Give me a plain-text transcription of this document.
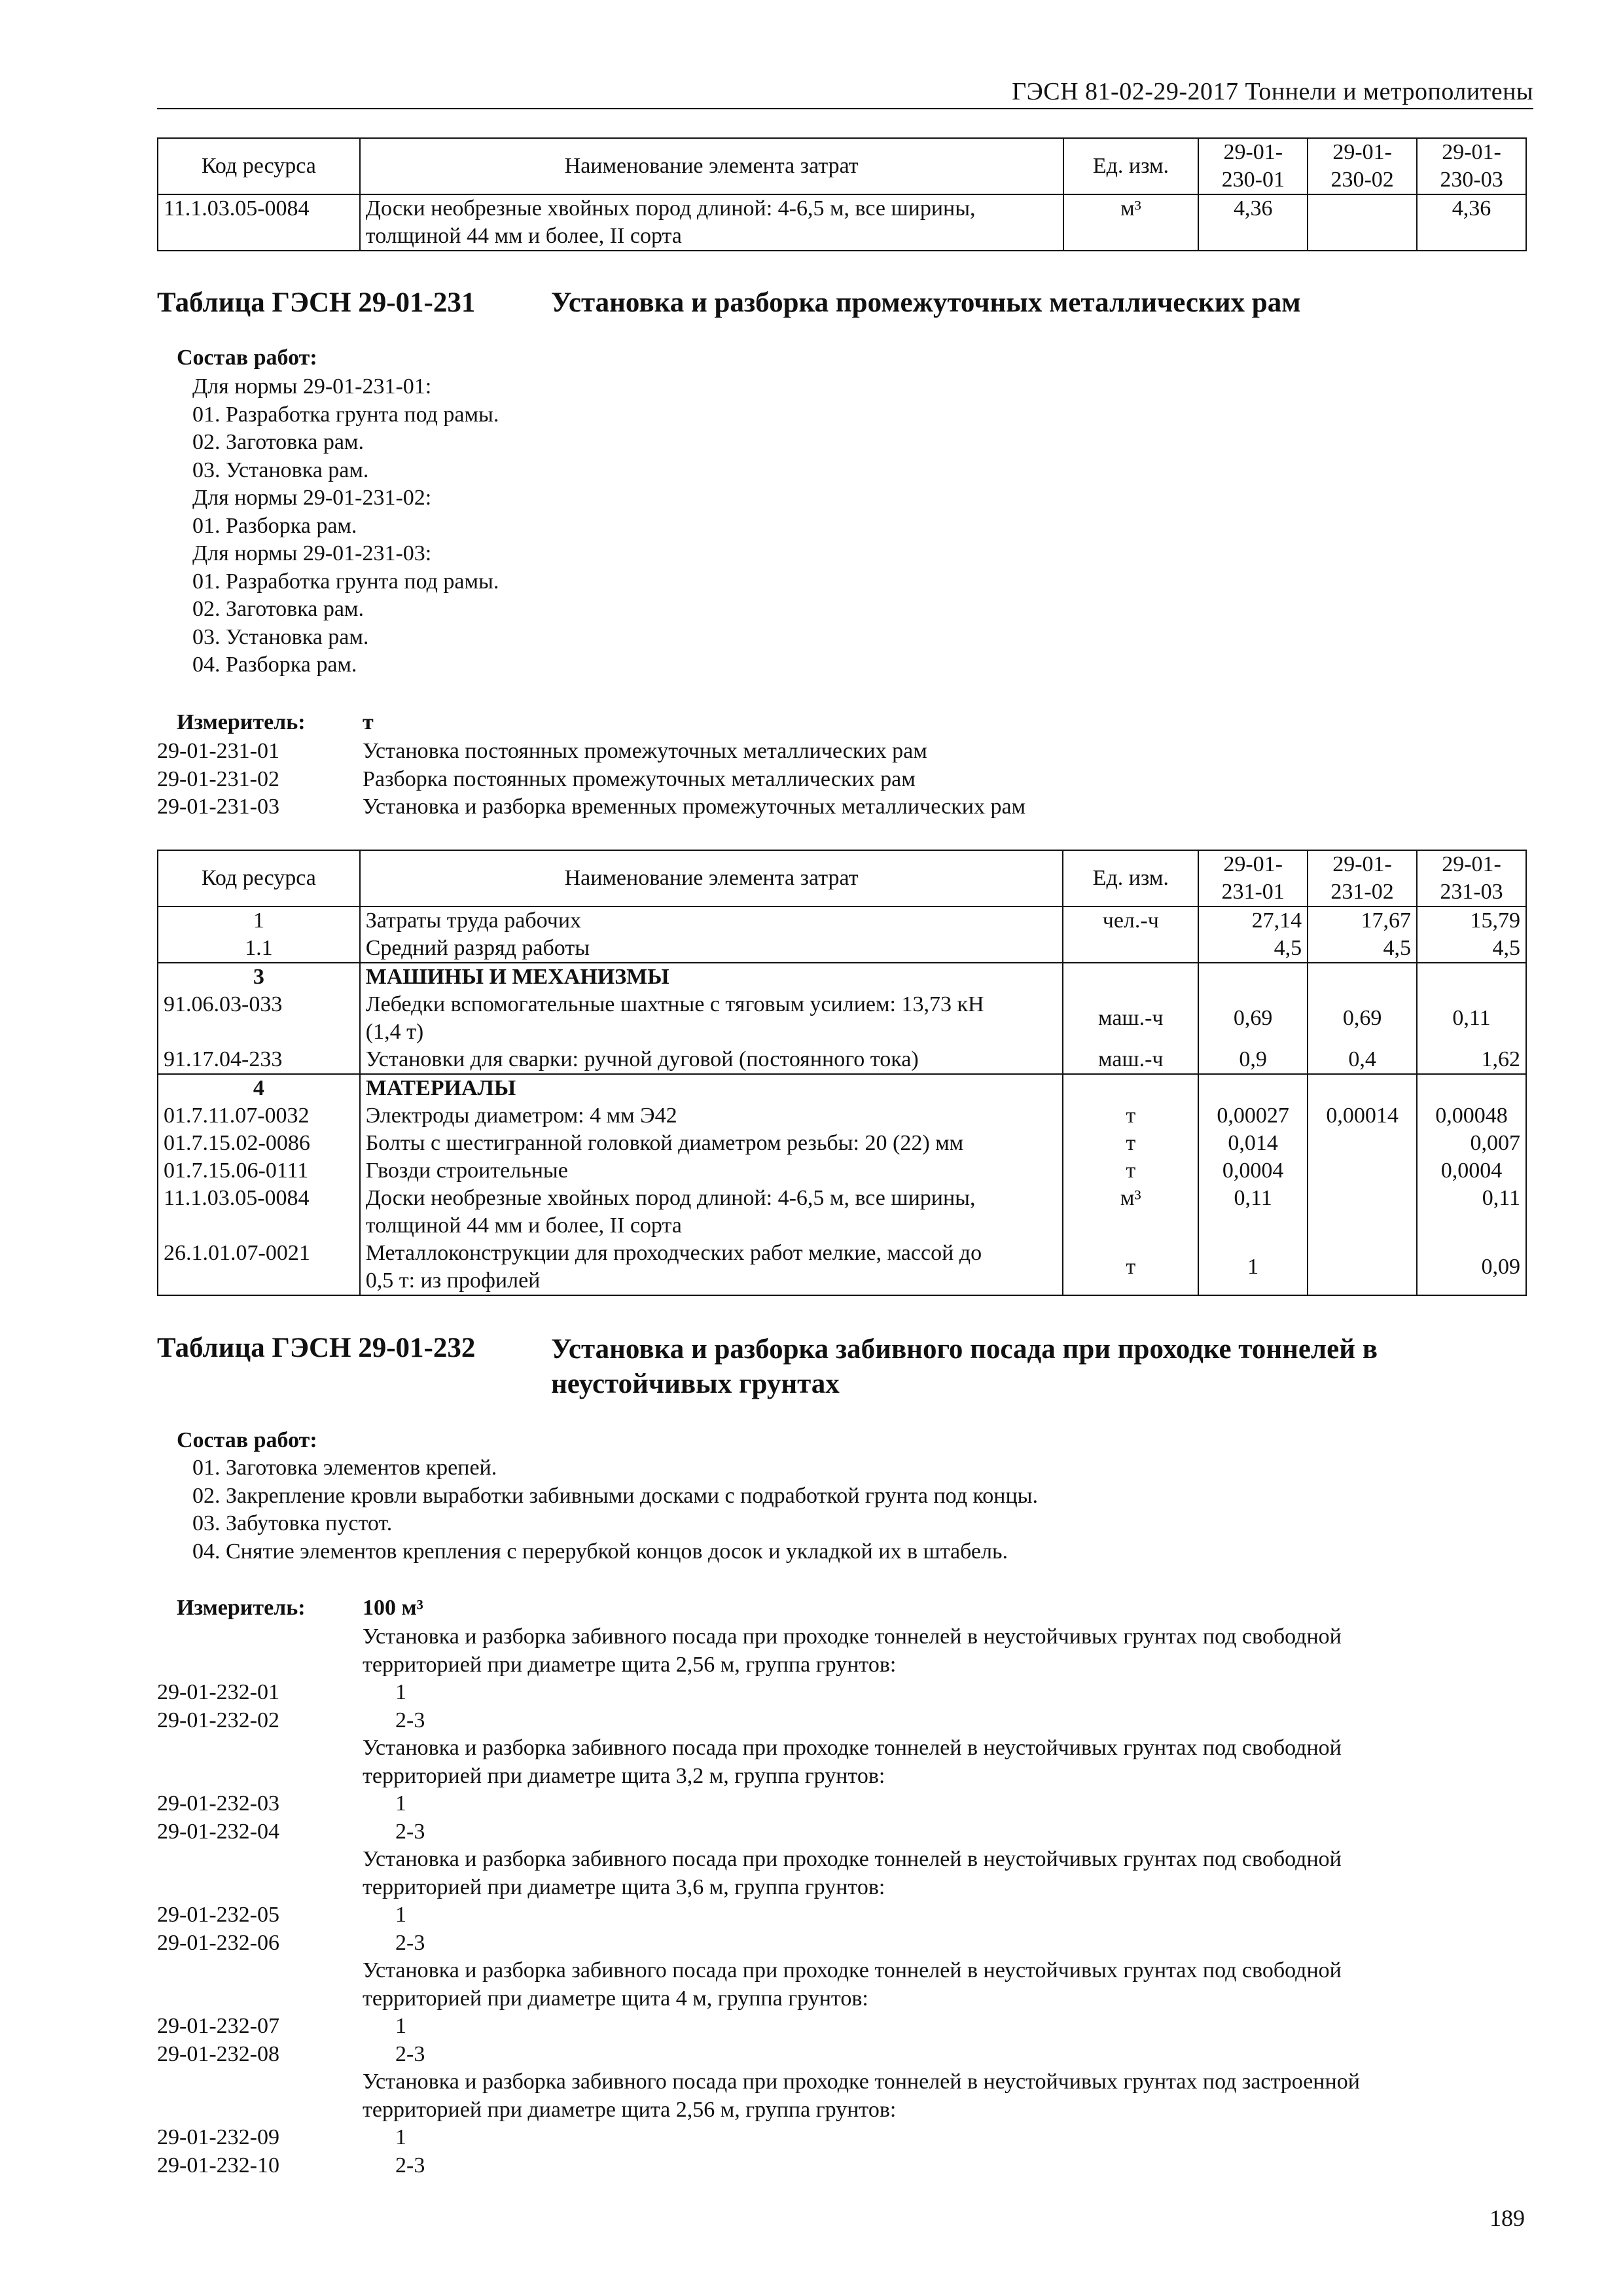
ГЭСН 81-02-29-2017 Тоннели и метрополитены
Код ресурса	Наименование элемента затрат	Ед. изм.	29-01-
230-01	29-01-
230-02	29-01-
230-03
11.1.03.05-0084	Доски необрезные хвойных пород длиной: 4-6,5 м, все ширины,
толщиной 44 мм и более, II сорта	м³	4,36		4,36
Таблица ГЭСН 29-01-231	Установка и разборка промежуточных металлических рам
Состав работ:
Для нормы 29-01-231-01:
01. Разработка грунта под рамы.
02. Заготовка рам.
03. Установка рам.
Для нормы 29-01-231-02:
01. Разборка рам.
Для нормы 29-01-231-03:
01. Разработка грунта под рамы.
02. Заготовка рам.
03. Установка рам.
04. Разборка рам.
Измеритель:	т
29-01-231-01	Установка постоянных промежуточных металлических рам
29-01-231-02	Разборка постоянных промежуточных металлических рам
29-01-231-03	Установка и разборка временных промежуточных металлических рам
Код ресурса	Наименование элемента затрат	Ед. изм.	29-01-
231-01	29-01-
231-02	29-01-
231-03
1	Затраты труда рабочих	чел.-ч	27,14	17,67	15,79
1.1	Средний разряд работы		4,5	4,5	4,5
3	МАШИНЫ И МЕХАНИЗМЫ				
91.06.03-033	Лебедки вспомогательные шахтные с тяговым усилием: 13,73 кН
(1,4 т)	маш.-ч	0,69	0,69	0,11
91.17.04-233	Установки для сварки: ручной дуговой (постоянного тока)	маш.-ч	0,9	0,4	1,62
4	МАТЕРИАЛЫ				
01.7.11.07-0032	Электроды диаметром: 4 мм Э42	т	0,00027	0,00014	0,00048
01.7.15.02-0086	Болты с шестигранной головкой диаметром резьбы: 20 (22) мм	т	0,014		0,007
01.7.15.06-0111	Гвозди строительные	т	0,0004		0,0004
11.1.03.05-0084	Доски необрезные хвойных пород длиной: 4-6,5 м, все ширины,
толщиной 44 мм и более, II сорта	м³	0,11		0,11
26.1.01.07-0021	Металлоконструкции для проходческих работ мелкие, массой до
0,5 т: из профилей	т	1		0,09
Таблица ГЭСН 29-01-232	Установка и разборка забивного посада при проходке тоннелей в
неустойчивых грунтах
Состав работ:
01. Заготовка элементов крепей.
02. Закрепление кровли выработки забивными досками с подработкой грунта под концы.
03. Забутовка пустот.
04. Снятие элементов крепления с перерубкой концов досок и укладкой их в штабель.
Измеритель:	100 м³
Установка и разборка забивного посада при проходке тоннелей в неустойчивых грунтах под свободной
территорией при диаметре щита 2,56 м, группа грунтов:
29-01-232-01	1
29-01-232-02	2-3
Установка и разборка забивного посада при проходке тоннелей в неустойчивых грунтах под свободной
территорией при диаметре щита 3,2 м, группа грунтов:
29-01-232-03	1
29-01-232-04	2-3
Установка и разборка забивного посада при проходке тоннелей в неустойчивых грунтах под свободной
территорией при диаметре щита 3,6 м, группа грунтов:
29-01-232-05	1
29-01-232-06	2-3
Установка и разборка забивного посада при проходке тоннелей в неустойчивых грунтах под свободной
территорией при диаметре щита 4 м, группа грунтов:
29-01-232-07	1
29-01-232-08	2-3
Установка и разборка забивного посада при проходке тоннелей в неустойчивых грунтах под застроенной
территорией при диаметре щита 2,56 м, группа грунтов:
29-01-232-09	1
29-01-232-10	2-3
189
